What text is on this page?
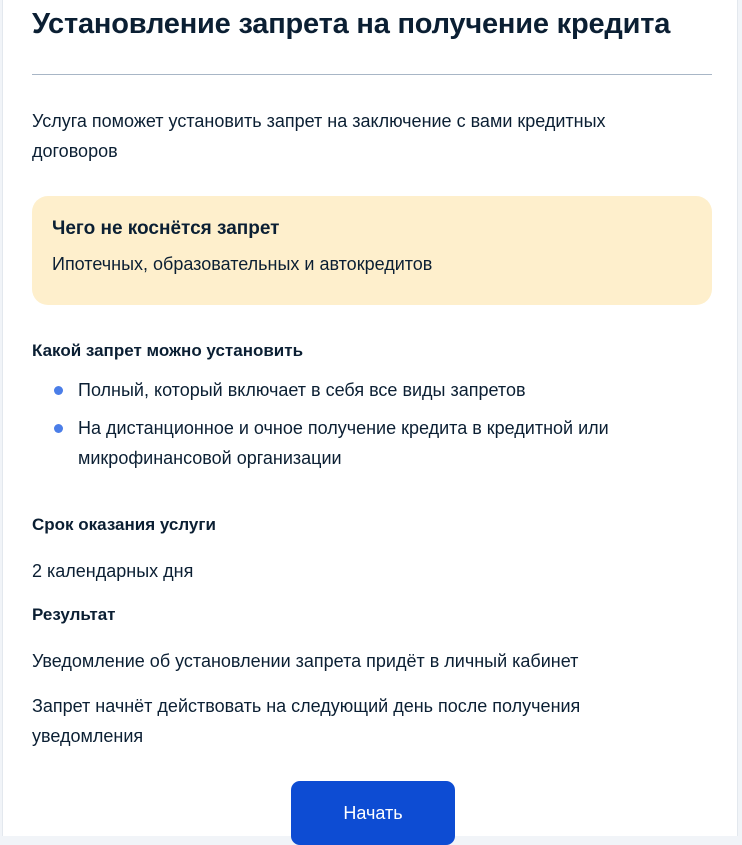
Установление запрета на получение кредита

Услуга поможет установить запрет на заключение с вами кредитных договоров

Чего не коснётся запрет

Ипотечных, образовательных и автокредитов

Какой запрет можно установить
Полный, который включает в себя все виды запретов
На дистанционное и очное получение кредита в кредитной или микрофинансовой организации
Срок оказания услуги

2 календарных дня

Результат

Уведомление об установлении запрета придёт в личный кабинет

Запрет начнёт действовать на следующий день после получения уведомления

Начать
